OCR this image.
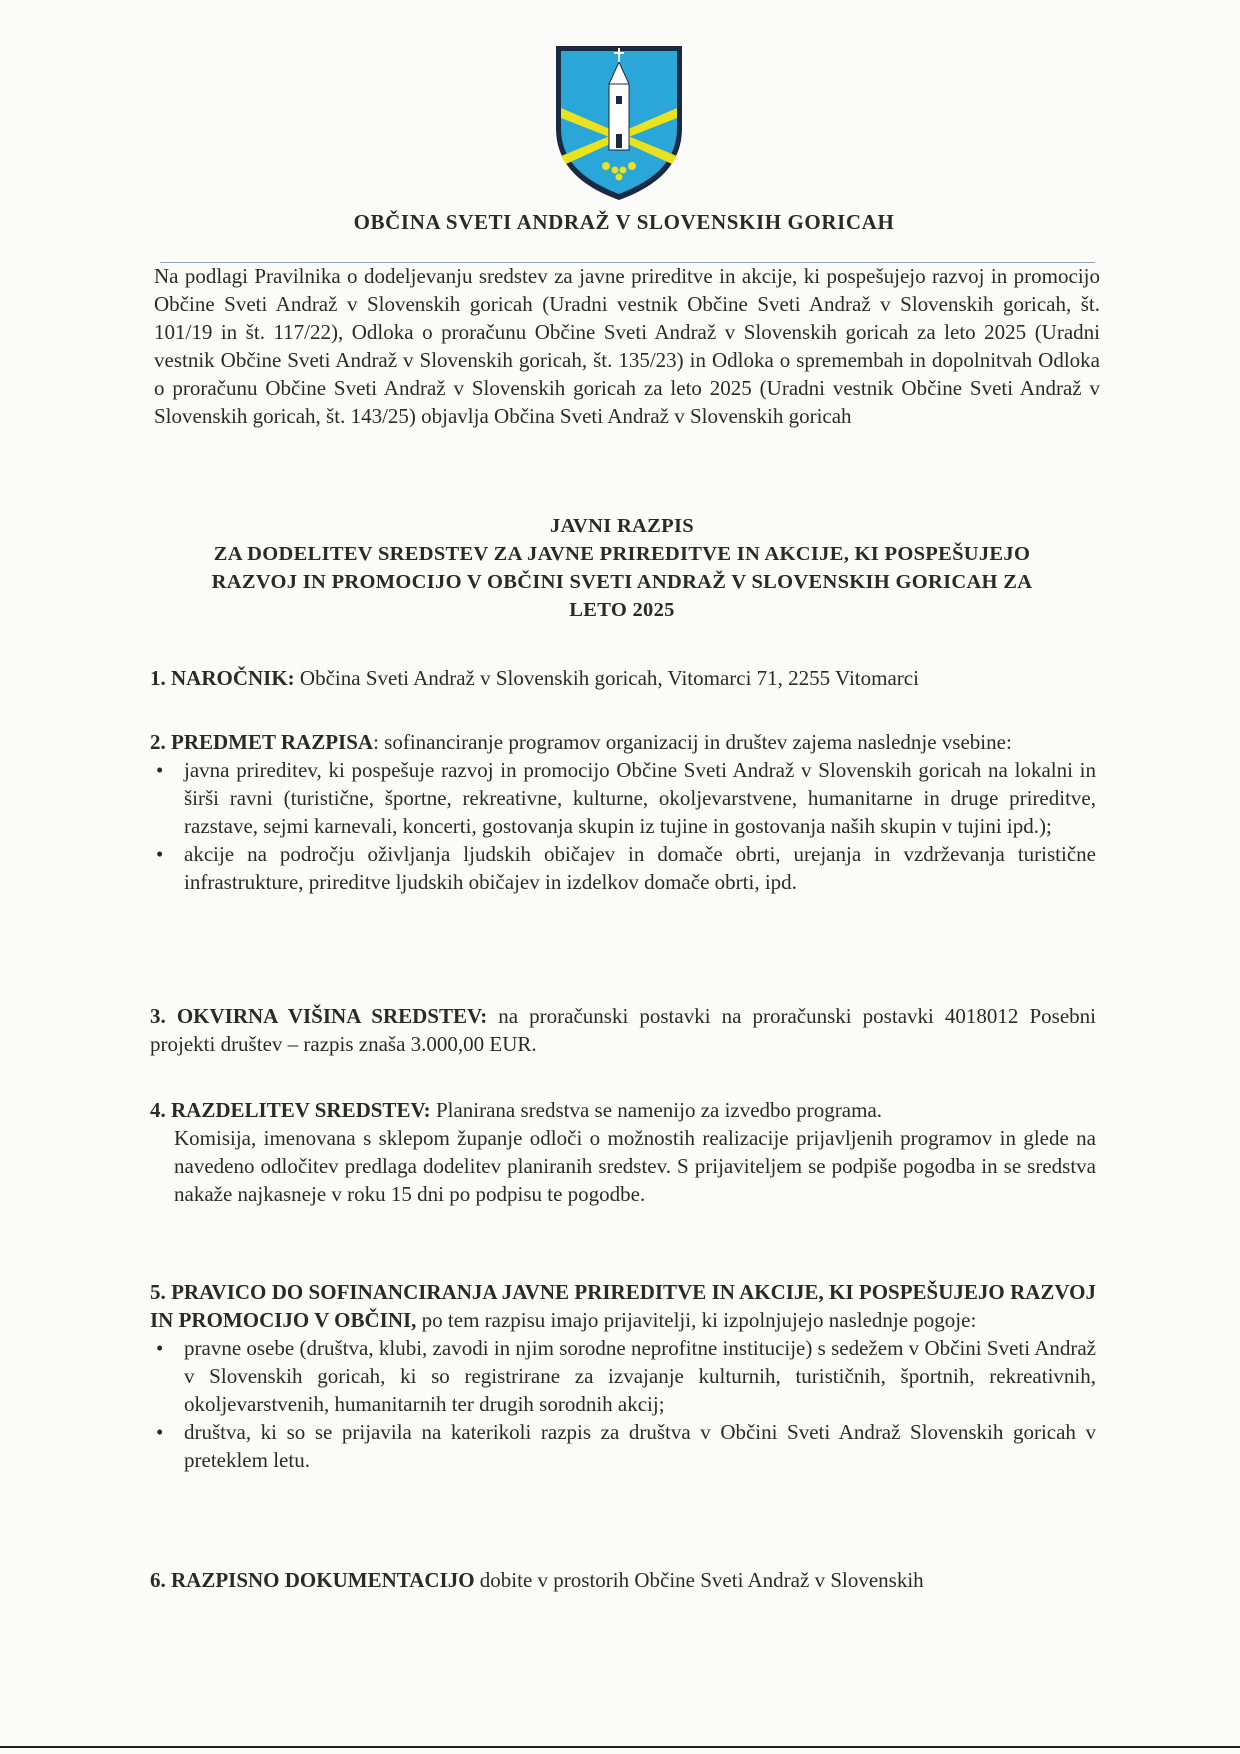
OBČINA SVETI ANDRAŽ V SLOVENSKIH GORICAH
Na podlagi Pravilnika o dodeljevanju sredstev za javne prireditve in akcije, ki pospešujejo razvoj in promocijo Občine Sveti Andraž v Slovenskih goricah (Uradni vestnik Občine Sveti Andraž v Slovenskih goricah, št. 101/19 in št. 117/22), Odloka o proračunu Občine Sveti Andraž v Slovenskih goricah za leto 2025 (Uradni vestnik Občine Sveti Andraž v Slovenskih goricah, št. 135/23) in Odloka o spremembah in dopolnitvah Odloka o proračunu Občine Sveti Andraž v Slovenskih goricah za leto 2025 (Uradni vestnik Občine Sveti Andraž v Slovenskih goricah, št. 143/25) objavlja Občina Sveti Andraž v Slovenskih goricah
JAVNI RAZPIS
ZA DODELITEV SREDSTEV ZA JAVNE PRIREDITVE IN AKCIJE, KI POSPEŠUJEJO
RAZVOJ IN PROMOCIJO V OBČINI SVETI ANDRAŽ V SLOVENSKIH GORICAH ZA
LETO 2025

1. NAROČNIK: Občina Sveti Andraž v Slovenskih goricah, Vitomarci 71, 2255 Vitomarci

2. PREDMET RAZPISA: sofinanciranje programov organizacij in društev zajema naslednje vsebine:

• javna prireditev, ki pospešuje razvoj in promocijo Občine Sveti Andraž v Slovenskih goricah na lokalni in širši ravni (turistične, športne, rekreativne, kulturne, okoljevarstvene, humanitarne in druge prireditve, razstave, sejmi karnevali, koncerti, gostovanja skupin iz tujine in gostovanja naših skupin v tujini ipd.);
• akcije na področju oživljanja ljudskih običajev in domače obrti, urejanja in vzdrževanja turistične infrastrukture, prireditve ljudskih običajev in izdelkov domače obrti, ipd.

3. OKVIRNA VIŠINA SREDSTEV: na proračunski postavki na proračunski postavki 4018012 Posebni projekti društev – razpis znaša 3.000,00 EUR.

4. RAZDELITEV SREDSTEV: Planirana sredstva se namenijo za izvedbo programa.

Komisija, imenovana s sklepom županje odloči o možnostih realizacije prijavljenih programov in glede na navedeno odločitev predlaga dodelitev planiranih sredstev. S prijaviteljem se podpiše pogodba in se sredstva nakaže najkasneje v roku 15 dni po podpisu te pogodbe.

5. PRAVICO DO SOFINANCIRANJA JAVNE PRIREDITVE IN AKCIJE, KI POSPEŠUJEJO RAZVOJ IN PROMOCIJO V OBČINI, po tem razpisu imajo prijavitelji, ki izpolnjujejo naslednje pogoje:

• pravne osebe (društva, klubi, zavodi in njim sorodne neprofitne institucije) s sedežem v Občini Sveti Andraž v Slovenskih goricah, ki so registrirane za izvajanje kulturnih, turističnih, športnih, rekreativnih, okoljevarstvenih, humanitarnih ter drugih sorodnih akcij;
• društva, ki so se prijavila na katerikoli razpis za društva v Občini Sveti Andraž Slovenskih goricah v preteklem letu.

6. RAZPISNO DOKUMENTACIJO dobite v prostorih Občine Sveti Andraž v Slovenskih
